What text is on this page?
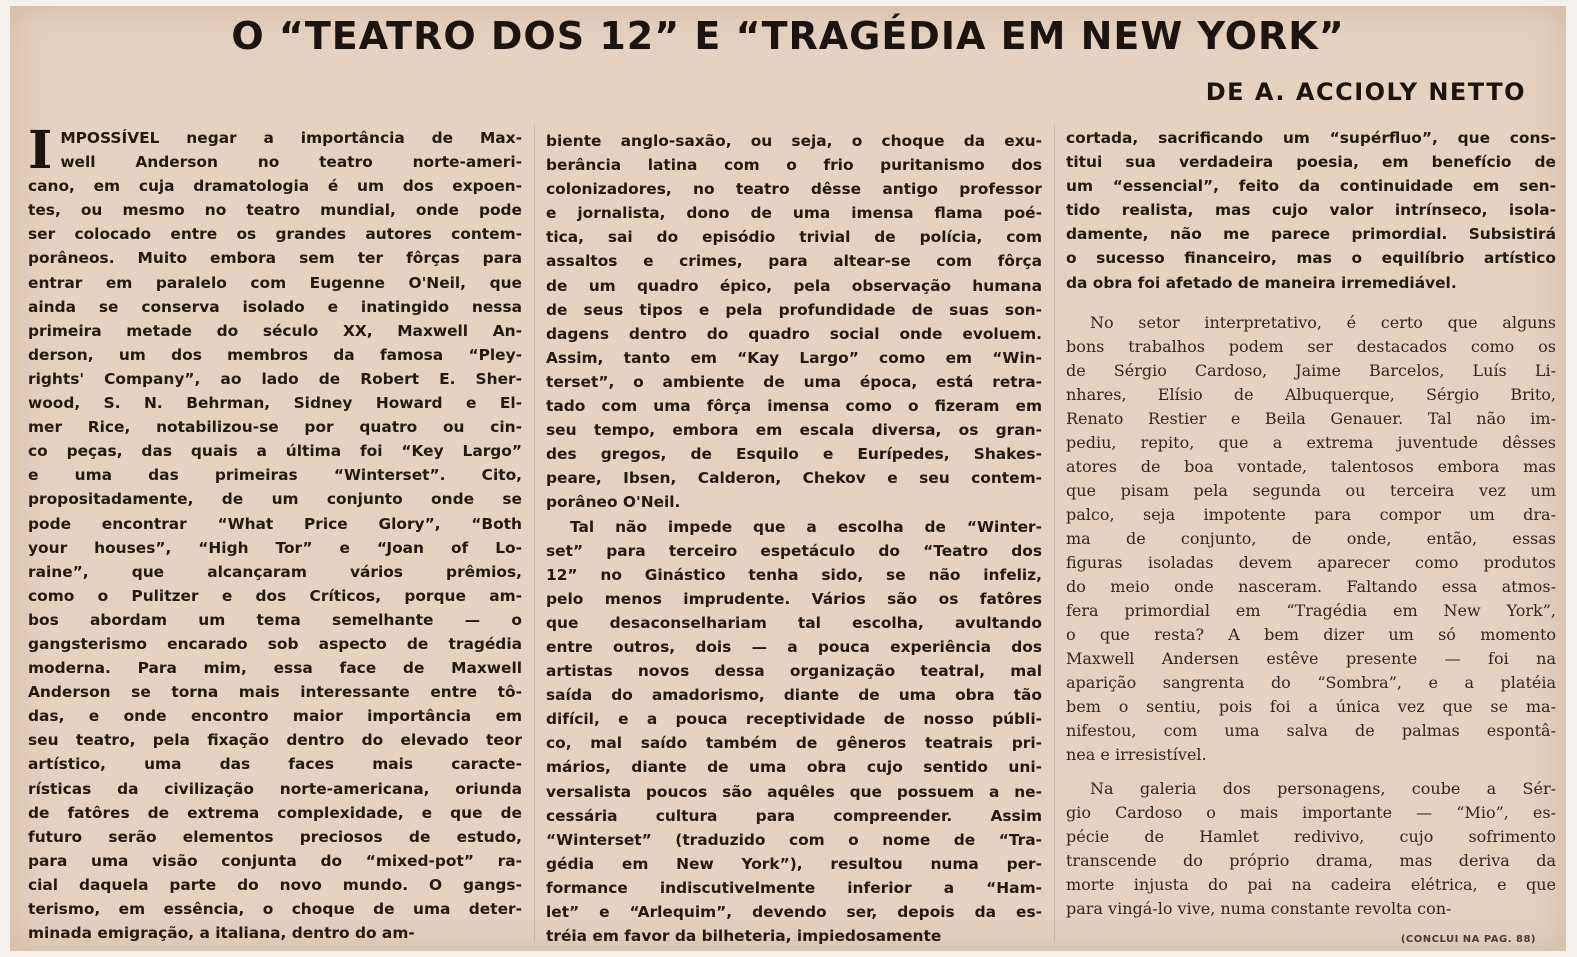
O “TEATRO DOS 12” E “TRAGÉDIA EM NEW YORK”
DE A. ACCIOLY NETTO
I MPOSSÍVEL negar a importância de Max-
well Anderson no teatro norte-ameri-
cano, em cuja dramatologia é um dos expoen-
tes, ou mesmo no teatro mundial, onde pode
ser colocado entre os grandes autores contem-
porâneos. Muito embora sem ter fôrças para
entrar em paralelo com Eugenne O'Neil, que
ainda se conserva isolado e inatingido nessa
primeira metade do século XX, Maxwell An-
derson, um dos membros da famosa “Pley-
rights' Company”, ao lado de Robert E. Sher-
wood, S. N. Behrman, Sidney Howard e El-
mer Rice, notabilizou-se por quatro ou cin-
co peças, das quais a última foi “Key Largo”
e uma das primeiras “Winterset”. Cito,
propositadamente, de um conjunto onde se
pode encontrar “What Price Glory”, “Both
your houses”, “High Tor” e “Joan of Lo-
raine”, que alcançaram vários prêmios,
como o Pulitzer e dos Críticos, porque am-
bos abordam um tema semelhante — o
gangsterismo encarado sob aspecto de tragédia
moderna. Para mim, essa face de Maxwell
Anderson se torna mais interessante entre tô-
das, e onde encontro maior importância em
seu teatro, pela fixação dentro do elevado teor
artístico, uma das faces mais caracte-
rísticas da civilização norte-americana, oriunda
de fatôres de extrema complexidade, e que de
futuro serão elementos preciosos de estudo,
para uma visão conjunta do “mixed-pot” ra-
cial daquela parte do novo mundo. O gangs-
terismo, em essência, o choque de uma deter-
minada emigração, a italiana, dentro do am-
biente anglo-saxão, ou seja, o choque da exu-
berância latina com o frio puritanismo dos
colonizadores, no teatro dêsse antigo professor
e jornalista, dono de uma imensa flama poé-
tica, sai do episódio trivial de polícia, com
assaltos e crimes, para altear-se com fôrça
de um quadro épico, pela observação humana
de seus tipos e pela profundidade de suas son-
dagens dentro do quadro social onde evoluem.
Assim, tanto em “Kay Largo” como em “Win-
terset”, o ambiente de uma época, está retra-
tado com uma fôrça imensa como o fizeram em
seu tempo, embora em escala diversa, os gran-
des gregos, de Esquilo e Eurípedes, Shakes-
peare, Ibsen, Calderon, Chekov e seu contem-
porâneo O'Neil.
Tal não impede que a escolha de “Winter-
set” para terceiro espetáculo do “Teatro dos
12” no Ginástico tenha sido, se não infeliz,
pelo menos imprudente. Vários são os fatôres
que desaconselhariam tal escolha, avultando
entre outros, dois — a pouca experiência dos
artistas novos dessa organização teatral, mal
saída do amadorismo, diante de uma obra tão
difícil, e a pouca receptividade de nosso públi-
co, mal saído também de gêneros teatrais pri-
mários, diante de uma obra cujo sentido uni-
versalista poucos são aquêles que possuem a ne-
cessária cultura para compreender. Assim
“Winterset” (traduzido com o nome de “Tra-
gédia em New York”), resultou numa per-
formance indiscutivelmente inferior a “Ham-
let” e “Arlequim”, devendo ser, depois da es-
tréia em favor da bilheteria, impiedosamente
cortada, sacrificando um “supérfluo”, que cons-
titui sua verdadeira poesia, em benefício de
um “essencial”, feito da continuidade em sen-
tido realista, mas cujo valor intrínseco, isola-
damente, não me parece primordial. Subsistirá
o sucesso financeiro, mas o equilíbrio artístico
da obra foi afetado de maneira irremediável.
No setor interpretativo, é certo que alguns
bons trabalhos podem ser destacados como os
de Sérgio Cardoso, Jaime Barcelos, Luís Li-
nhares, Elísio de Albuquerque, Sérgio Brito,
Renato Restier e Beila Genauer. Tal não im-
pediu, repito, que a extrema juventude dêsses
atores de boa vontade, talentosos embora mas
que pisam pela segunda ou terceira vez um
palco, seja impotente para compor um dra-
ma de conjunto, de onde, então, essas
figuras isoladas devem aparecer como produtos
do meio onde nasceram. Faltando essa atmos-
fera primordial em “Tragédia em New York”,
o que resta? A bem dizer um só momento
Maxwell Andersen estêve presente — foi na
aparição sangrenta do “Sombra”, e a platéia
bem o sentiu, pois foi a única vez que se ma-
nifestou, com uma salva de palmas espontâ-
nea e irresistível.
Na galeria dos personagens, coube a Sér-
gio Cardoso o mais importante — “Mio”, es-
pécie de Hamlet redivivo, cujo sofrimento
transcende do próprio drama, mas deriva da
morte injusta do pai na cadeira elétrica, e que
para vingá-lo vive, numa constante revolta con-
(CONCLUI NA PAG. 88)
